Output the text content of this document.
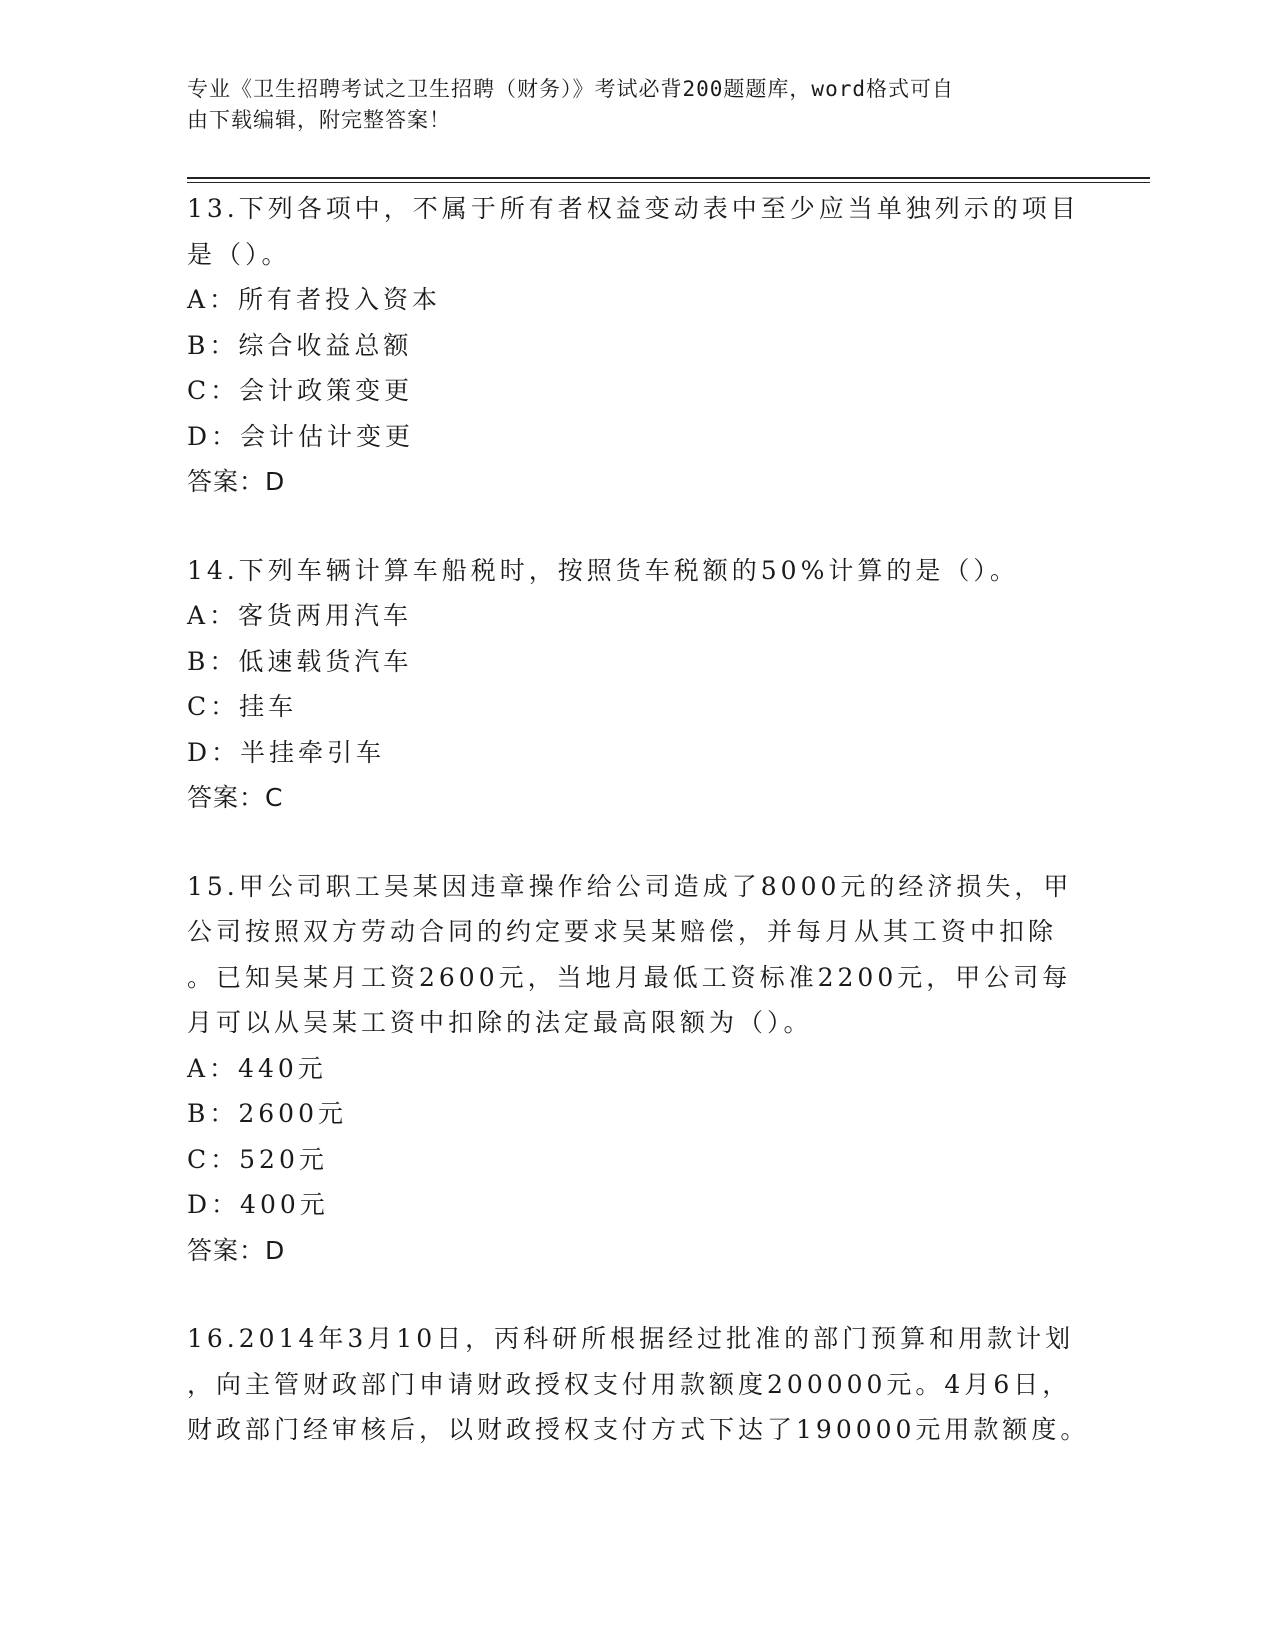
专业《卫生招聘考试之卫生招聘（财务）》考试必背200题题库，word格式可自
由下载编辑，附完整答案！
13.下列各项中，不属于所有者权益变动表中至少应当单独列示的项目
是（）。
A：所有者投入资本
B：综合收益总额
C：会计政策变更
D：会计估计变更
答案：D
14.下列车辆计算车船税时，按照货车税额的50%计算的是（）。
A：客货两用汽车
B：低速载货汽车
C：挂车
D：半挂牵引车
答案：C
15.甲公司职工吴某因违章操作给公司造成了8000元的经济损失，甲
公司按照双方劳动合同的约定要求吴某赔偿，并每月从其工资中扣除
。已知吴某月工资2600元，当地月最低工资标准2200元，甲公司每
月可以从吴某工资中扣除的法定最高限额为（）。
A：440元
B：2600元
C：520元
D：400元
答案：D
16.2014年3月10日，丙科研所根据经过批准的部门预算和用款计划
，向主管财政部门申请财政授权支付用款额度200000元。4月6日，
财政部门经审核后，以财政授权支付方式下达了190000元用款额度。
